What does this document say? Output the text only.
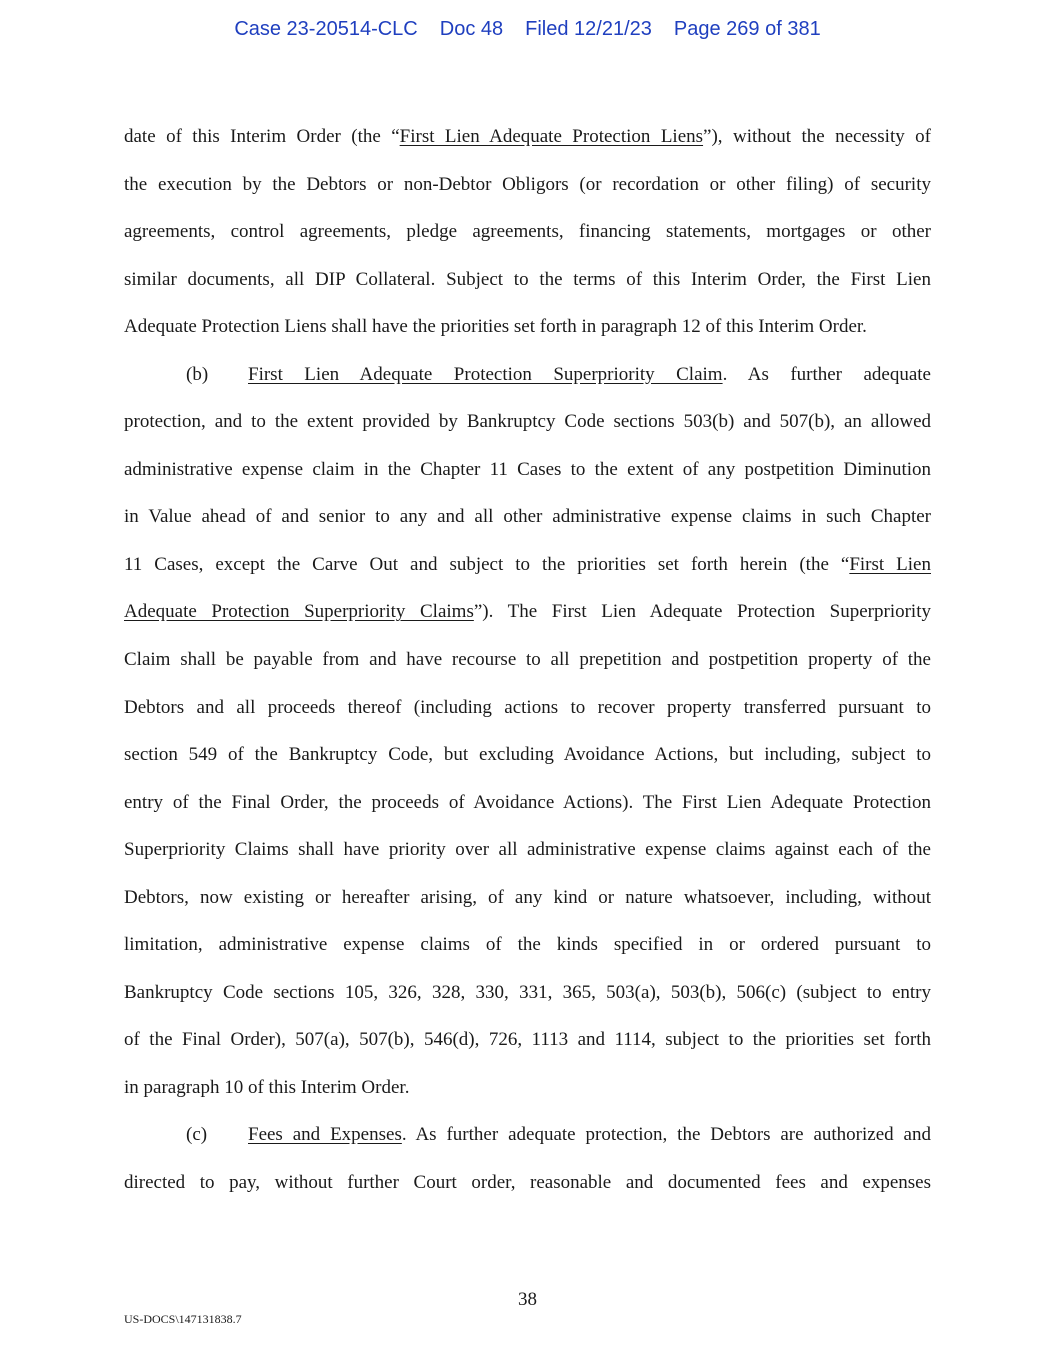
Case 23-20514-CLC Doc 48 Filed 12/21/23 Page 269 of 381
date of this Interim Order (the “First Lien Adequate Protection Liens”), without the necessity of
the execution by the Debtors or non-Debtor Obligors (or recordation or other filing) of security
agreements, control agreements, pledge agreements, financing statements, mortgages or other
similar documents, all DIP Collateral. Subject to the terms of this Interim Order, the First Lien
Adequate Protection Liens shall have the priorities set forth in paragraph 12 of this Interim Order.
(b) First Lien Adequate Protection Superpriority Claim. As further adequate
protection, and to the extent provided by Bankruptcy Code sections 503(b) and 507(b), an allowed
administrative expense claim in the Chapter 11 Cases to the extent of any postpetition Diminution
in Value ahead of and senior to any and all other administrative expense claims in such Chapter
11 Cases, except the Carve Out and subject to the priorities set forth herein (the “First Lien
Adequate Protection Superpriority Claims”). The First Lien Adequate Protection Superpriority
Claim shall be payable from and have recourse to all prepetition and postpetition property of the
Debtors and all proceeds thereof (including actions to recover property transferred pursuant to
section 549 of the Bankruptcy Code, but excluding Avoidance Actions, but including, subject to
entry of the Final Order, the proceeds of Avoidance Actions). The First Lien Adequate Protection
Superpriority Claims shall have priority over all administrative expense claims against each of the
Debtors, now existing or hereafter arising, of any kind or nature whatsoever, including, without
limitation, administrative expense claims of the kinds specified in or ordered pursuant to
Bankruptcy Code sections 105, 326, 328, 330, 331, 365, 503(a), 503(b), 506(c) (subject to entry
of the Final Order), 507(a), 507(b), 546(d), 726, 1113 and 1114, subject to the priorities set forth
in paragraph 10 of this Interim Order.
(c) Fees and Expenses. As further adequate protection, the Debtors are authorized and
directed to pay, without further Court order, reasonable and documented fees and expenses
38
US-DOCS\147131838.7
